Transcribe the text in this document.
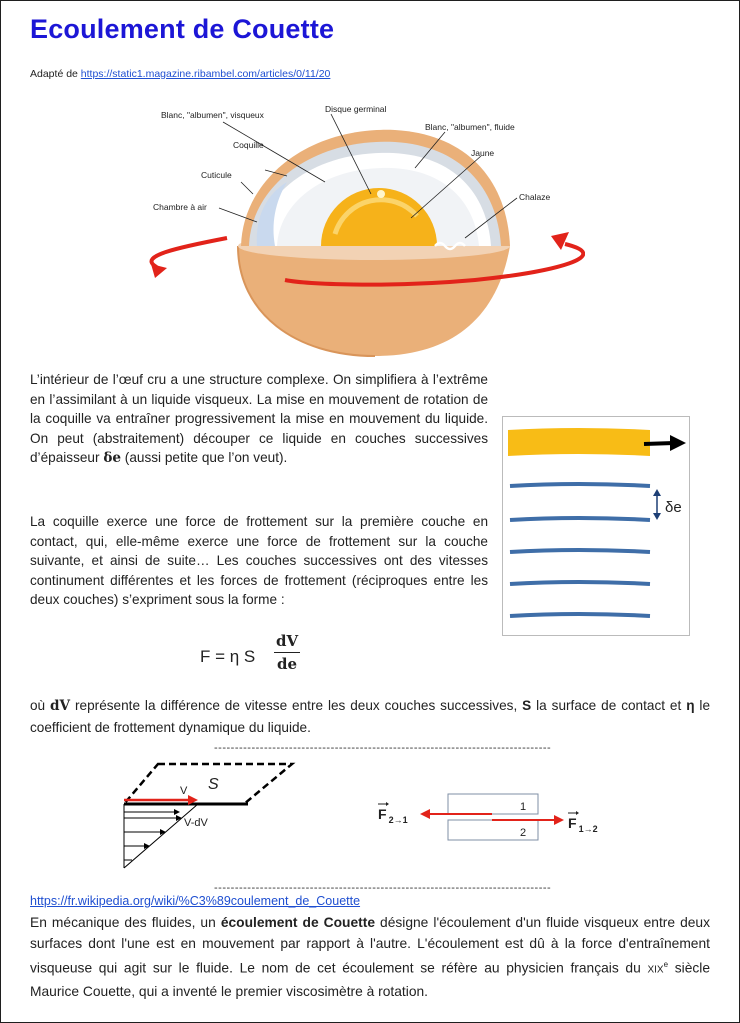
Ecoulement de Couette
Adapté de https://static1.magazine.ribambel.com/articles/0/11/20
Blanc, "albumen", visqueux
Disque germinal
Blanc, "albumen", fluide
Coquille
Jaune
Cuticule
Chalaze
Chambre à air
L’intérieur de l’œuf cru a une structure complexe. On simplifiera à l’extrême en l’assimilant à un liquide visqueux. La mise en mouvement de rotation de la coquille va entraîner progressivement la mise en mouvement du liquide. On peut (abstraitement) découper ce liquide en couches successives d’épaisseur δe (aussi petite que l’on veut).
La coquille exerce une force de frottement sur la première couche en contact, qui, elle-même exerce une force de frottement sur la couche suivante, et ainsi de suite… Les couches successives ont des vitesses continument différentes et les forces de frottement (réciproques entre les deux couches) s’expriment sous la forme :
δe
F = η S
dV
de
où dV représente la différence de vitesse entre les deux couches successives, S la surface de contact et η le coefficient de frottement dynamique du liquide.
---------------------------------------------------------------------------------
S
V
V-dV
1
2
F $_{2\to 1}$	F $_{1\to 2}$
---------------------------------------------------------------------------------
https://fr.wikipedia.org/wiki/%C3%89coulement_de_Couette
En mécanique des fluides, un écoulement de Couette désigne l'écoulement d'un fluide visqueux entre deux surfaces dont l'une est en mouvement par rapport à l'autre. L'écoulement est dû à la force d'entraînement visqueuse qui agit sur le fluide. Le nom de cet écoulement se réfère au physicien français du XIXe siècle Maurice Couette, qui a inventé le premier viscosimètre à rotation.
